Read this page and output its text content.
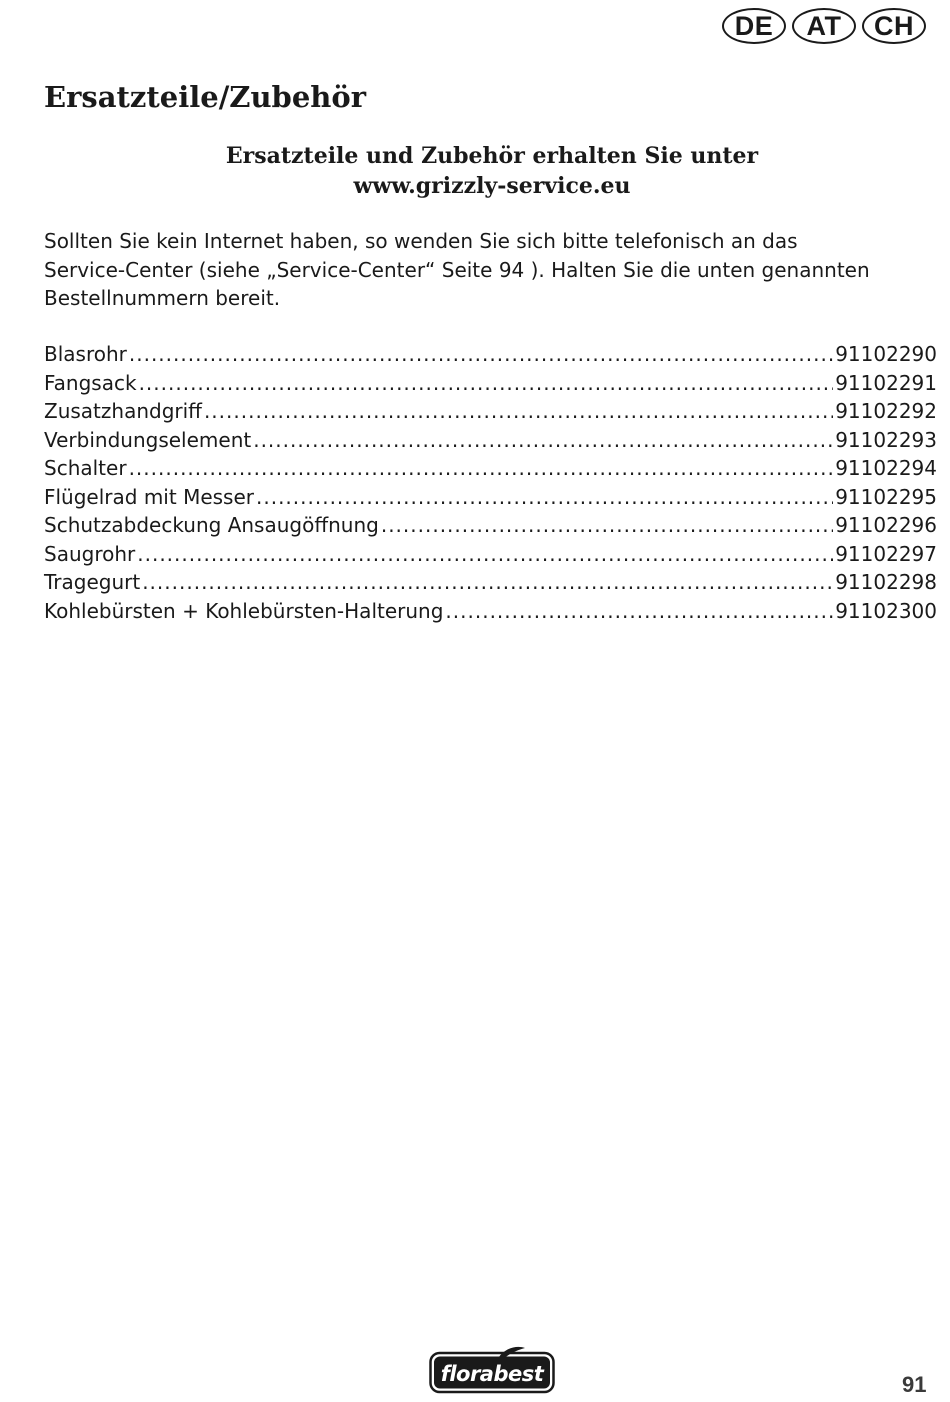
DE	AT	CH
Ersatzteile/Zubehör
Ersatzteile und Zubehör erhalten Sie unter
www.grizzly-service.eu

Sollten Sie kein Internet haben, so wenden Sie sich bitte telefonisch an das
Service-Center (siehe „Service-Center“ Seite 94 ). Halten Sie die unten genannten
Bestellnummern bereit.

Blasrohr .....	91102290
Fangsack .....	91102291
Zusatzhandgriff .....	91102292
Verbindungselement .....	91102293
Schalter .....	91102294
Flügelrad mit Messer .....	91102295
Schutzabdeckung Ansaugöffnung .....	91102296
Saugrohr .....	91102297
Tragegurt .....	91102298
Kohlebürsten + Kohlebürsten-Halterung .....	91102300
florabest	91
